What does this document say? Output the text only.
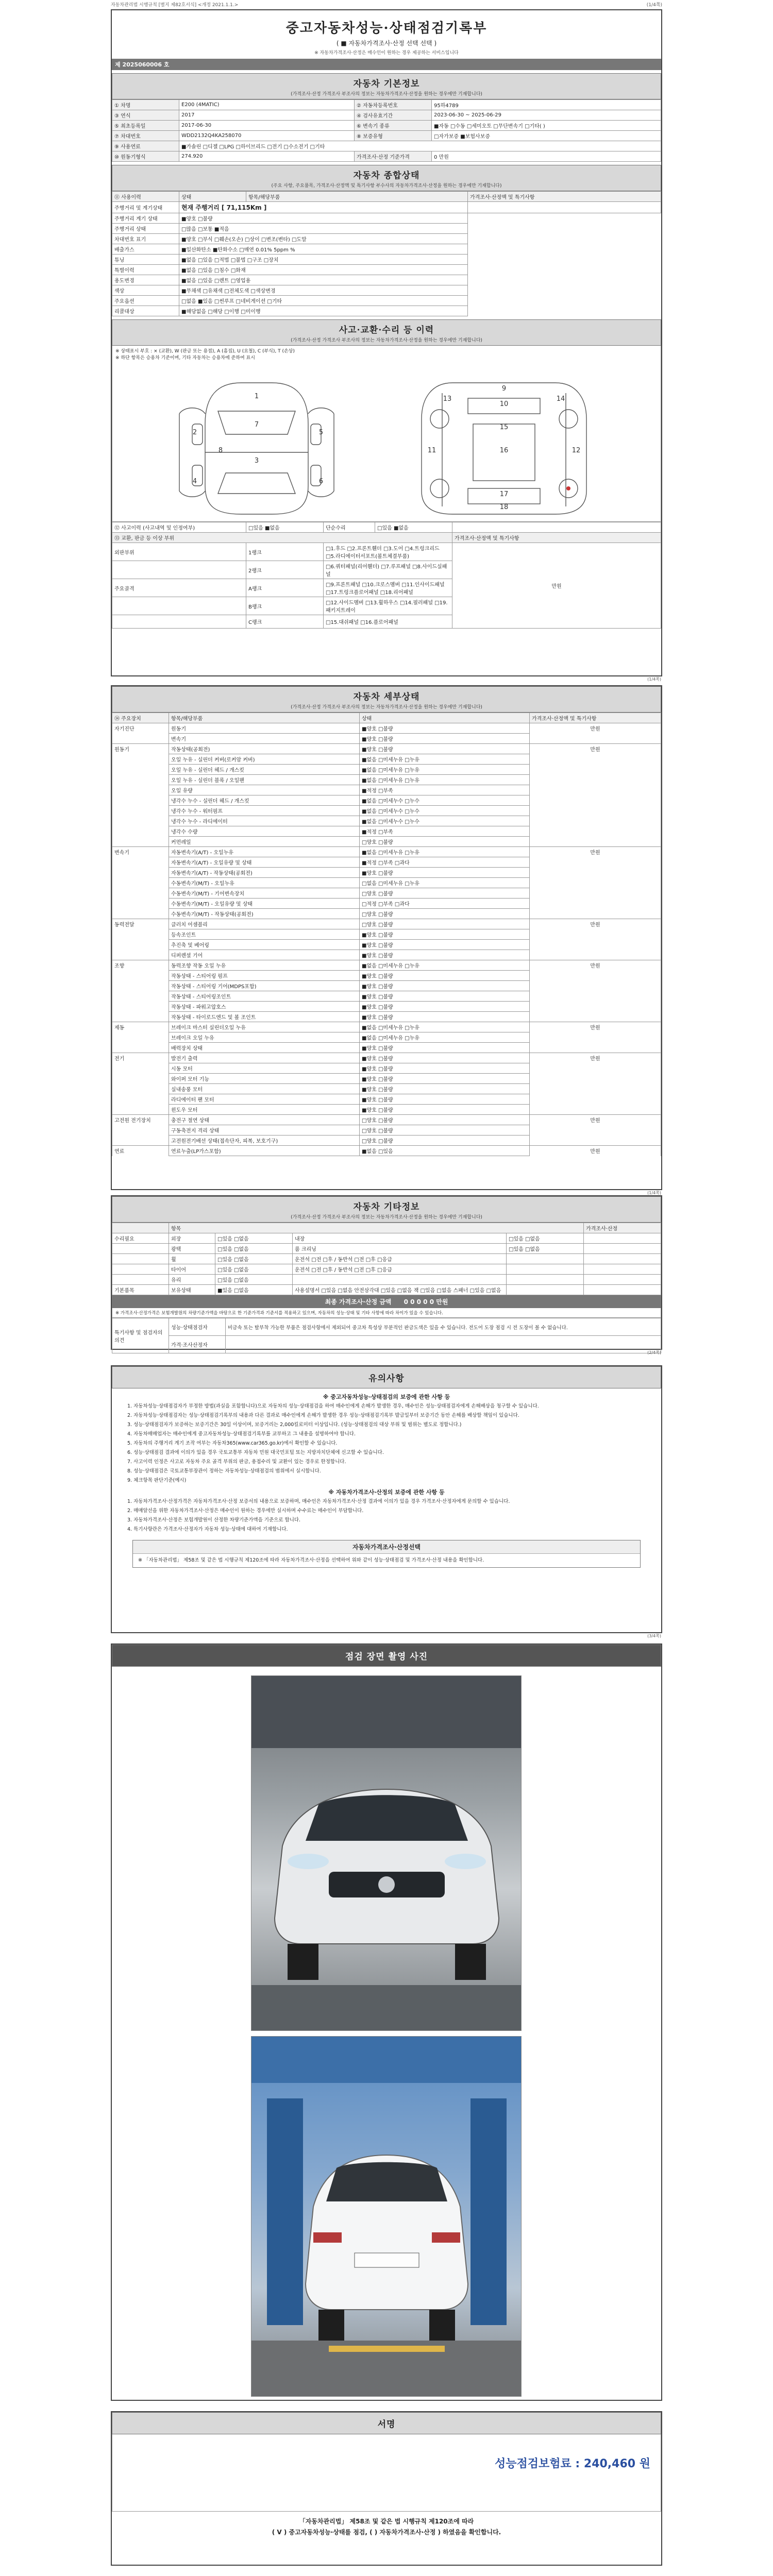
자동차관리법 시행규칙 [별지 제82호서식] <개정 2021.1.1.>	(1/4쪽)
중고자동차성능·상태점검기록부
( ■ 자동차가격조사·산정 선택 선택 )
※ 자동차가격조사·산정은 매수인이 원하는 경우 제공하는 서비스입니다
제 2025060006 호
자동차 기본정보
(가격조사·산정 가격조사 부조사의 정보는 자동차가격조사·산정을 원하는 경우에만 기재합니다)
① 차명	E200 (4MATIC)	② 자동차등록번호	95하4789
③ 연식	2017	④ 검사유효기간	2023-06-30 ~ 2025-06-29
⑤ 최초등록일	2017-06-30	⑥ 변속기 종류	■자동 □수동 □세미오토 □무단변속기 □기타( )
⑦ 차대번호	WDD2132Q4KA258070	⑧ 보증유형	□자가보증 ■보험사보증
⑨ 사용연료	■가솔린 □디젤 □LPG □하이브리드 □전기 □수소전기 □기타		
⑩ 원동기형식	274.920	가격조사·산정 기준가격	0 만원
자동차 종합상태
(주요 사항, 주요품목, 가격조사·산정액 및 특기사항 부수사의 자동차가격조사·산정을 원하는 경우에만 기재합니다)
⑪ 사용이력	상태	항목/해당부품	가격조사·산정액 및 특기사항
주행거리 및 계기상태	현재 주행거리 [ 71,115Km ]		
주행거리 계기 상태	■양호 □불량		
주행거리 상태	□많음 □보통 ■적음		
차대번호 표기	■양호 □부식 □훼손(오손) □상이 □변조(변타) □도말		
배출가스	■일산화탄소 ■탄화수소 □매연 0.01% 5ppm %		
튜닝	■없음 □있음 □적법 □불법 □구조 □장치		
특별이력	■없음 □있음 □침수 □화재		
용도변경	■없음 □있음 □렌트 □영업용		
색상	■무채색 □유채색 □전체도색 □색상변경		
주요옵션	□없음 ■있음 □썬루프 □네비게이션 □기타		
리콜대상	■해당없음 □해당 □이행 □미이행		
사고·교환·수리 등 이력
(가격조사·산정 가격조사 부조사의 정보는 자동차가격조사·산정을 원하는 경우에만 기재합니다)
※ 상태표시 부호 : × (교환), W (판금 또는 용접), A (흠집), U (요철), C (부식), T (손상)
※ 하단 항목은 승용차 기준이며, 기타 자동차는 승용차에 준하여 표시
1
2
3
4
5
6
7
8
9
10
11	12
13	14
15
16
17
18
⑫ 사고이력 (사고내역 및 인정여부)	□있음 ■없음	단순수리	□있음 ■없음	
⑬ 교환, 판금 등 이상 부위				가격조사·산정액 및 특기사항
외판부위	1랭크	□1.후드 □2.프론트휀더 □3.도어 □4.트렁크리드 □5.라디에이터서포트(볼트체결부품)		만원
	2랭크	□6.쿼터패널(리어휀더) □7.루프패널 □8.사이드실패널		
주요골격	A랭크	□9.프론트패널 □10.크로스멤버 □11.인사이드패널 □17.트렁크플로어패널 □18.리어패널		
	B랭크	□12.사이드멤버 □13.휠하우스 □14.필러패널 □19.패키지트레이		
	C랭크	□15.대쉬패널 □16.플로어패널		
(1/4쪽)
자동차 세부상태
(가격조사·산정 가격조사 부조사의 정보는 자동차가격조사·산정을 원하는 경우에만 기재합니다)
⑭ 주요장치	항목/해당부품	상태	가격조사·산정액 및 특기사항
자기진단	원동기	■양호 □불량	만원
	변속기	■양호 □불량	
원동기	작동상태(공회전)	■양호 □불량	만원
	오일 누유 - 실린더 커버(로커암 커버)	■없음 □미세누유 □누유	
	오일 누유 - 실린더 헤드 / 개스킷	■없음 □미세누유 □누유	
	오일 누유 - 실린더 블록 / 오일팬	■없음 □미세누유 □누유	
	오일 유량	■적정 □부족	
	냉각수 누수 - 실린더 헤드 / 개스킷	■없음 □미세누수 □누수	
	냉각수 누수 - 워터펌프	■없음 □미세누수 □누수	
	냉각수 누수 - 라디에이터	■없음 □미세누수 □누수	
	냉각수 수량	■적정 □부족	
	커먼레일	□양호 □불량	
변속기	자동변속기(A/T) - 오일누유	■없음 □미세누유 □누유	만원
	자동변속기(A/T) - 오일유량 및 상태	■적정 □부족 □과다	
	자동변속기(A/T) - 작동상태(공회전)	■양호 □불량	
	수동변속기(M/T) - 오일누유	□없음 □미세누유 □누유	
	수동변속기(M/T) - 기어변속장치	□양호 □불량	
	수동변속기(M/T) - 오일유량 및 상태	□적정 □부족 □과다	
	수동변속기(M/T) - 작동상태(공회전)	□양호 □불량	
동력전달	클러치 어셈블리	□양호 □불량	만원
	등속조인트	■양호 □불량	
	추진축 및 베어링	■양호 □불량	
	디퍼렌셜 기어	■양호 □불량	
조향	동력조향 작동 오일 누유	■없음 □미세누유 □누유	만원
	작동상태 - 스티어링 펌프	■양호 □불량	
	작동상태 - 스티어링 기어(MDPS포함)	■양호 □불량	
	작동상태 - 스티어링조인트	■양호 □불량	
	작동상태 - 파워고압호스	■양호 □불량	
	작동상태 - 타이로드엔드 및 볼 조인트	■양호 □불량	
제동	브레이크 마스터 실린더오일 누유	■없음 □미세누유 □누유	만원
	브레이크 오일 누유	■없음 □미세누유 □누유	
	배력장치 상태	■양호 □불량	
전기	발전기 출력	■양호 □불량	만원
	시동 모터	■양호 □불량	
	와이퍼 모터 기능	■양호 □불량	
	실내송풍 모터	■양호 □불량	
	라디에이터 팬 모터	■양호 □불량	
	윈도우 모터	■양호 □불량	
고전원 전기장치	충전구 절연 상태	□양호 □불량	만원
	구동축전지 격리 상태	□양호 □불량	
	고전원전기배선 상태(접속단자, 피복, 보호기구)	□양호 □불량	
연료	연료누출(LP가스포함)	■없음 □있음	만원
(1/4쪽)
자동차 기타정보
(가격조사·산정 가격조사 부조사의 정보는 자동차가격조사·산정을 원하는 경우에만 기재합니다)
	항목				가격조사·산정
수리필요	외장	□있음 □없음	내장	□있음 □없음	
	광택	□있음 □없음	룸 크리닝	□있음 □없음	
	휠	□있음 □없음	운전석 □전 □후 / 동반석 □전 □후 □응급		
	타이어	□있음 □없음	운전석 □전 □후 / 동반석 □전 □후 □응급		
	유리	□있음 □없음			
기본품목	보유상태	■있음 □없음	사용설명서 □있음 □없음 안전삼각대 □있음 □없음 잭 □있음 □없음 스패너 □있음 □없음		
최종 가격조사·산정 금액 0 0 0 0 0 만원
※ 가격조사·산정가격은 보험개발원의 차량기준가액을 바탕으로 한 기준가격과 기준서를 적용하고 있으며, 자동차의 성능·상태 및 기타 사항에 따라 차이가 있을 수 있습니다.
특기사항 및 점검자의 의견	성능·상태점검자	비금속 또는 탈부착 가능한 부품은 점검사항에서 제외되어 중고차 특성상 부분적인 판금도색은 있을 수 있습니다. 전도어 도장 점검 시 전 도장이 볼 수 없습니다.
	가격·조사산정자	
(2/4쪽)
유의사항

※ 중고자동차성능·상태점검의 보증에 관한 사항 등

1. 자동차성능·상태점검자가 부정한 방법(과실을 포함합니다)으로 자동차의 성능·상태점검을 하여 매수인에게 손해가 발생한 경우, 매수인은 성능·상태점검자에게 손해배상을 청구할 수 있습니다.

2. 자동차성능·상태점검자는 성능·상태점검기록부의 내용과 다른 결과로 매수인에게 손해가 발생한 경우 성능·상태점검기록부 발급일부터 보증기간 동안 손해를 배상할 책임이 있습니다.

3. 성능·상태점검자가 보증하는 보증기간은 30일 이상이며, 보증거리는 2,000킬로미터 이상입니다. (성능·상태점검의 대상 부위 및 범위는 별도로 정합니다.)

4. 자동차매매업자는 매수인에게 중고자동차성능·상태점검기록부를 교부하고 그 내용을 설명하여야 합니다.

5. 자동차의 주행거리 계기 조작 여부는 자동차365(www.car365.go.kr)에서 확인할 수 있습니다.

6. 성능·상태점검 결과에 이의가 있을 경우 국토교통부 자동차 민원 대국민포털 또는 지방자치단체에 신고할 수 있습니다.

7. 사고이력 인정은 사고로 자동차 주요 골격 부위의 판금, 용접수리 및 교환이 있는 경우로 한정합니다.

8. 성능·상태점검은 국토교통부장관이 정하는 자동차성능·상태점검의 범위에서 실시합니다.

9. 체크항목 판단기준(예시)

※ 자동차가격조사·산정의 보증에 관한 사항 등

1. 자동차가격조사·산정가격은 자동차가격조사·산정 보증서의 내용으로 보증하며, 매수인은 자동차가격조사·산정 결과에 이의가 있을 경우 가격조사·산정자에게 문의할 수 있습니다.

2. 매매알선을 위한 자동차가격조사·산정은 매수인이 원하는 경우에만 실시하며 수수료는 매수인이 부담합니다.

3. 자동차가격조사·산정은 보험개발원이 산정한 차량기준가액을 기준으로 합니다.

4. 특기사항란은 가격조사·산정자가 자동차 성능·상태에 대하여 기재합니다.

자동차가격조사·산정선택
※ 「자동차관리법」 제58조 및 같은 법 시행규칙 제120조에 따라 자동차가격조사·산정을 선택하여 위와 같이 성능·상태점검 및 가격조사·산정 내용을 확인합니다.
(3/4쪽)
점검 장면 촬영 사진
서명
성능점검보험료 : 240,460 원
「자동차관리법」 제58조 및 같은 법 시행규칙 제120조에 따라
( V ) 중고자동차성능·상태를 점검, ( ) 자동차가격조사·산정 ) 하였음을 확인합니다.
